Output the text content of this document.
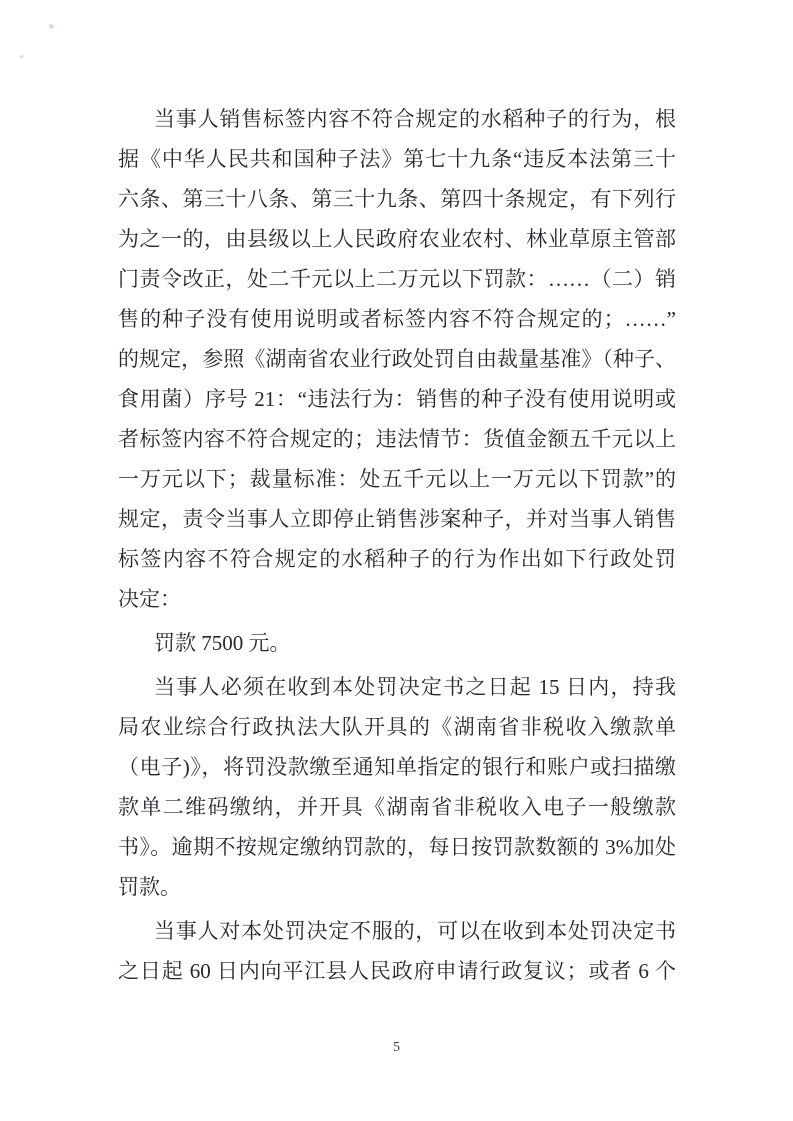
当事人销售标签内容不符合规定的水稻种子的行为，根
据《中华人民共和国种子法》第七十九条“违反本法第三十
六条、第三十八条、第三十九条、第四十条规定，有下列行
为之一的，由县级以上人民政府农业农村、林业草原主管部
门责令改正，处二千元以上二万元以下罚款：……（二）销
售的种子没有使用说明或者标签内容不符合规定的；……”
的规定，参照《湖南省农业行政处罚自由裁量基准》（种子、
食用菌）序号 21：“违法行为：销售的种子没有使用说明或
者标签内容不符合规定的；违法情节：货值金额五千元以上
一万元以下；裁量标准：处五千元以上一万元以下罚款”的
规定，责令当事人立即停止销售涉案种子，并对当事人销售
标签内容不符合规定的水稻种子的行为作出如下行政处罚
决定：
罚款 7500 元。
当事人必须在收到本处罚决定书之日起 15 日内，持我
局农业综合行政执法大队开具的《湖南省非税收入缴款单
（电子)》，将罚没款缴至通知单指定的银行和账户或扫描缴
款单二维码缴纳，并开具《湖南省非税收入电子一般缴款
书》。逾期不按规定缴纳罚款的，每日按罚款数额的 3%加处
罚款。
当事人对本处罚决定不服的，可以在收到本处罚决定书
之日起 60 日内向平江县人民政府申请行政复议；或者 6 个
5
